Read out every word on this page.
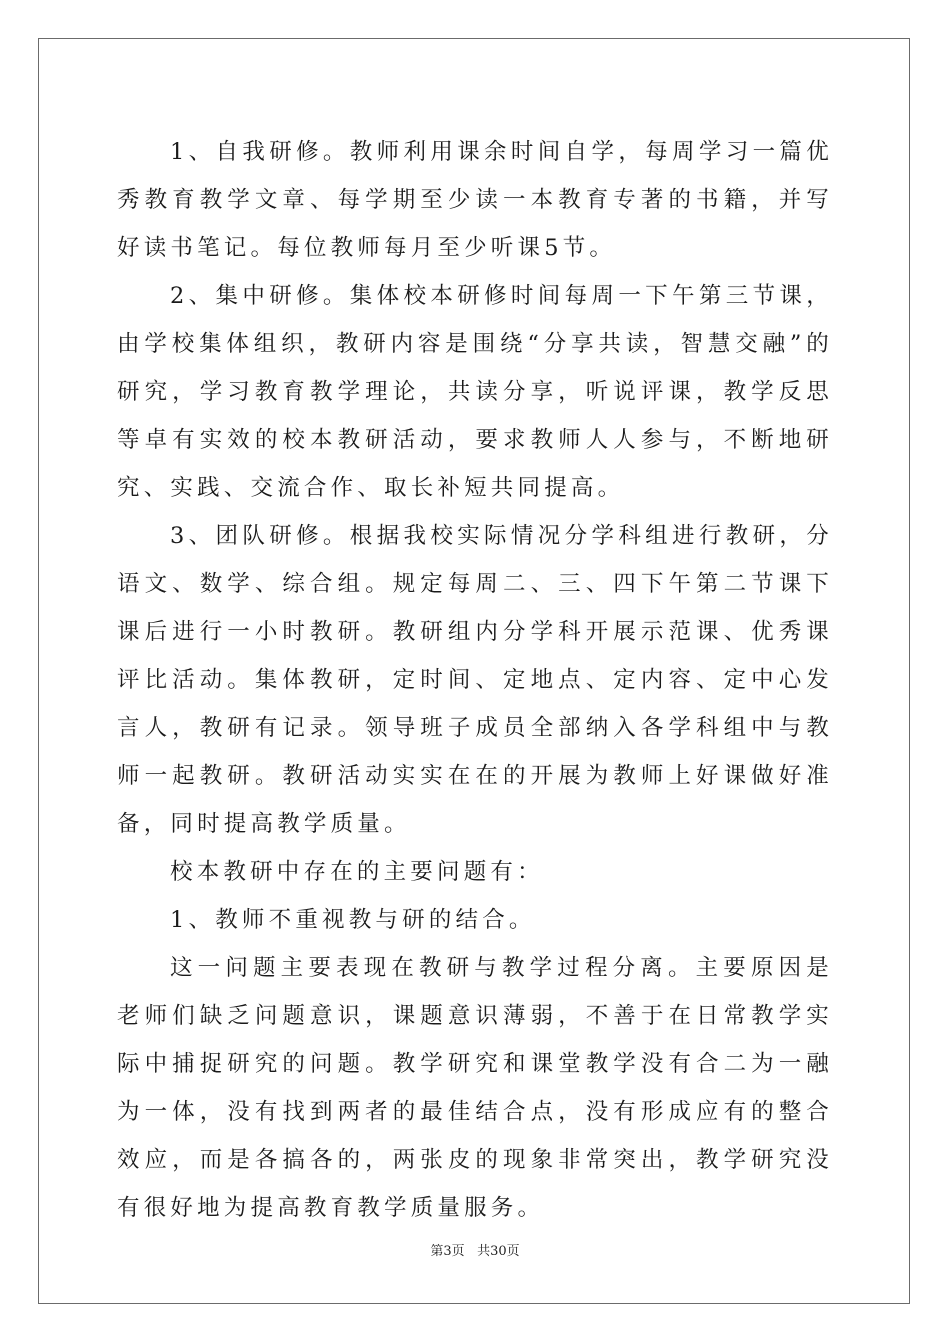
1、自我研修。教师利用课余时间自学，每周学习一篇优秀教育教学文章、每学期至少读一本教育专著的书籍，并写好读书笔记。每位教师每月至少听课5节。

2、集中研修。集体校本研修时间每周一下午第三节课，由学校集体组织，教研内容是围绕“分享共读，智慧交融”的研究，学习教育教学理论，共读分享，听说评课，教学反思等卓有实效的校本教研活动，要求教师人人参与，不断地研究、实践、交流合作、取长补短共同提高。

3、团队研修。根据我校实际情况分学科组进行教研，分语文、数学、综合组。规定每周二、三、四下午第二节课下课后进行一小时教研。教研组内分学科开展示范课、优秀课评比活动。集体教研，定时间、定地点、定内容、定中心发言人，教研有记录。领导班子成员全部纳入各学科组中与教师一起教研。教研活动实实在在的开展为教师上好课做好准备，同时提高教学质量。

校本教研中存在的主要问题有：

1、教师不重视教与研的结合。

这一问题主要表现在教研与教学过程分离。主要原因是老师们缺乏问题意识，课题意识薄弱，不善于在日常教学实际中捕捉研究的问题。教学研究和课堂教学没有合二为一融为一体，没有找到两者的最佳结合点，没有形成应有的整合效应，而是各搞各的，两张皮的现象非常突出，教学研究没有很好地为提高教育教学质量服务。

第3页 共30页
